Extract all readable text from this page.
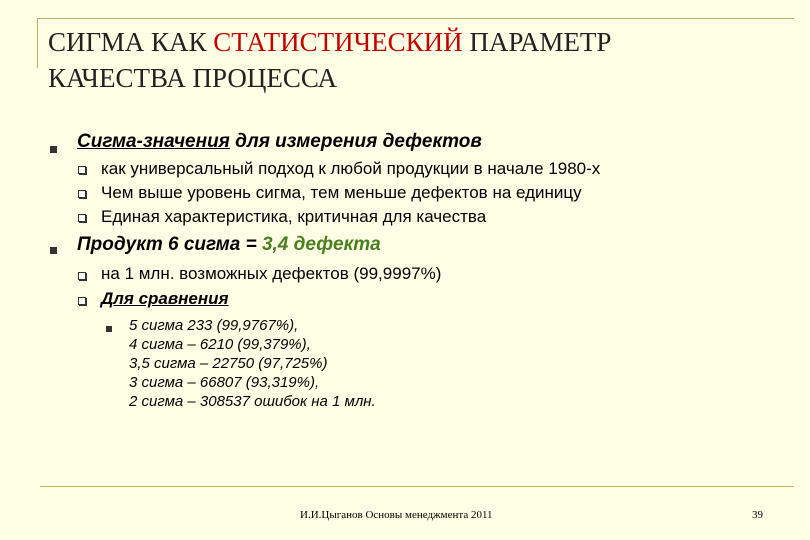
СИГМА КАК СТАТИСТИЧЕСКИЙ ПАРАМЕТР
КАЧЕСТВА ПРОЦЕССА
Сигма-значения для измерения дефектов
как универсальный подход к любой продукции в начале 1980-х
Чем выше уровень сигма, тем меньше дефектов на единицу
Единая характеристика, критичная для качества
Продукт 6 сигма = 3,4 дефекта
на 1 млн. возможных дефектов (99,9997%)
Для сравнения
5 сигма 233 (99,9767%),
4 сигма – 6210 (99,379%),
3,5 сигма – 22750 (97,725%)
3 сигма – 66807 (93,319%),
2 сигма – 308537 ошибок на 1 млн.
И.И.Цыганов Основы менеджмента 2011	39
